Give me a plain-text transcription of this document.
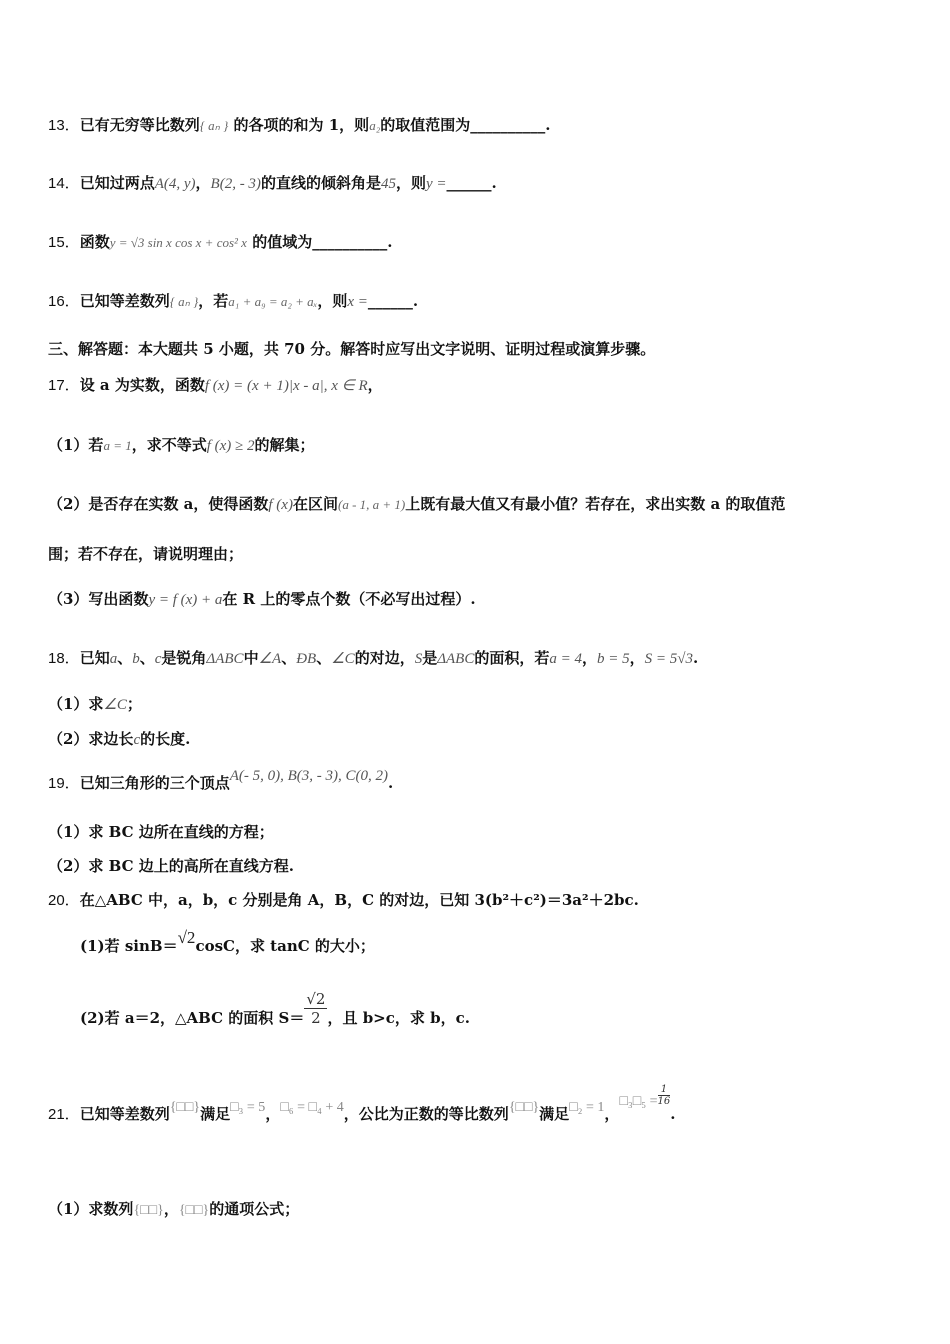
13．已有无穷等比数列{ aₙ } 的各项的和为 1，则a₂的取值范围为__________.
14．已知过两点A(4, y)，B(2, - 3)的直线的倾斜角是45，则y =______.
15．函数y = √3 sin x cos x + cos² x 的值域为__________.
16．已知等差数列{ aₙ }，若a₁ + a₉ = a₂ + aₓ，则x =______.
三、解答题：本大题共 5 小题，共 70 分。解答时应写出文字说明、证明过程或演算步骤。
17．设 a 为实数，函数f (x) = (x + 1)|x - a|, x ∈ R，
（1）若a = 1，求不等式f (x) ≥ 2的解集；
（2）是否存在实数 a，使得函数f (x)在区间(a - 1, a + 1)上既有最大值又有最小值？若存在，求出实数 a 的取值范
围；若不存在，请说明理由；
（3）写出函数y = f (x) + a在 R 上的零点个数（不必写出过程）.
18．已知a、b、c是锐角ΔABC中∠A、ÐB、∠C的对边，S是ΔABC的面积，若a = 4，b = 5，S = 5√3.
（1）求∠C；
（2）求边长c的长度.
19．已知三角形的三个顶点A(- 5, 0), B(3, - 3), C(0, 2).
（1）求 BC 边所在直线的方程；
（2）求 BC 边上的高所在直线方程.
20．在△ABC 中，a，b，c 分别是角 A，B，C 的对边，已知 3(b²＋c²)＝3a²＋2bc.
(1)若 sinB＝√2cosC，求 tanC 的大小；
(2)若 a＝2，△ABC 的面积 $S= \frac{√2}{2}$ ，且 b>c，求 b，c.
21．已知等差数列{□□}满足□₃ = 5，□₆ = □₄ + 4，公比为正数的等比数列{□□}满足□₂ = 1，□₃□₅ = $\frac{1}{16}$
.
（1）求数列{□□}，{□□}的通项公式；
